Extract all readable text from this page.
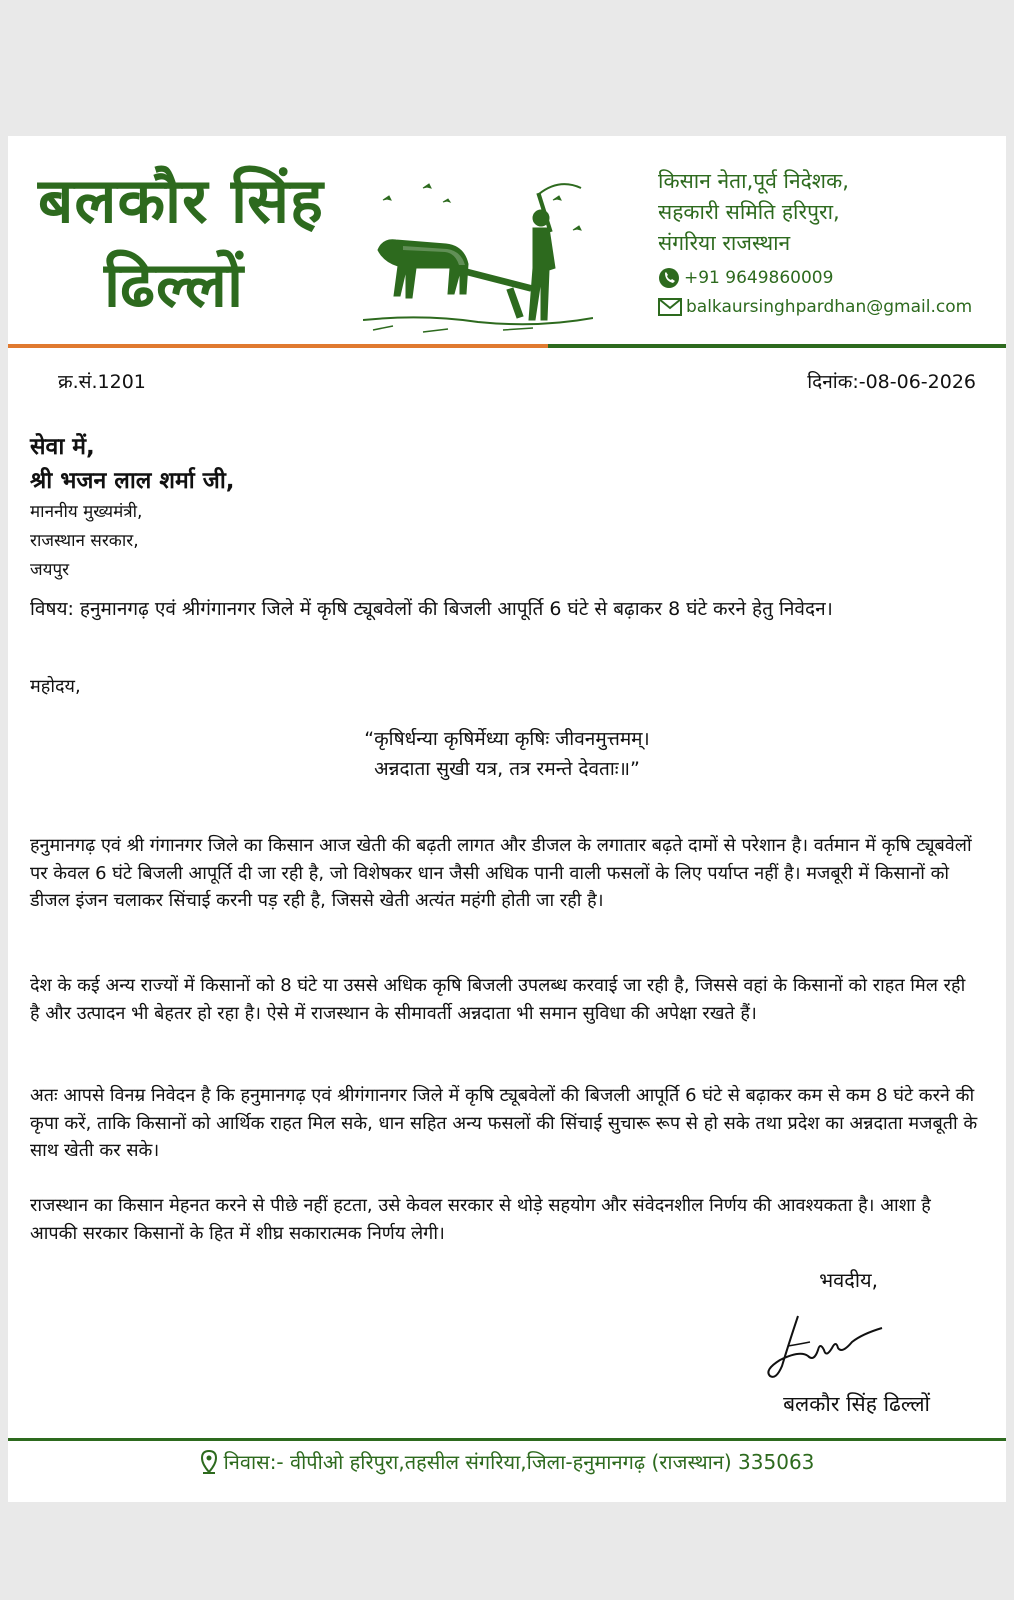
बलकौर सिंह
ढिल्लों
किसान नेता,पूर्व निदेशक,
सहकारी समिति हरिपुरा,
संगरिया राजस्थान
+91 9649860009
balkaursinghpardhan@gmail.com
क्र.सं.1201	दिनांक:-08-06-2026
सेवा में,
श्री भजन लाल शर्मा जी,
माननीय मुख्यमंत्री,
राजस्थान सरकार,
जयपुर
विषय: हनुमानगढ़ एवं श्रीगंगानगर जिले में कृषि ट्यूबवेलों की बिजली आपूर्ति 6 घंटे से बढ़ाकर 8 घंटे करने हेतु निवेदन।
महोदय,
“कृषिर्धन्या कृषिर्मेध्या कृषिः जीवनमुत्तमम्।
अन्नदाता सुखी यत्र, तत्र रमन्ते देवताः॥”
हनुमानगढ़ एवं श्री गंगानगर जिले का किसान आज खेती की बढ़ती लागत और डीजल के लगातार बढ़ते दामों से परेशान है। वर्तमान में कृषि ट्यूबवेलों पर केवल 6 घंटे बिजली आपूर्ति दी जा रही है, जो विशेषकर धान जैसी अधिक पानी वाली फसलों के लिए पर्याप्त नहीं है। मजबूरी में किसानों को डीजल इंजन चलाकर सिंचाई करनी पड़ रही है, जिससे खेती अत्यंत महंगी होती जा रही है।
देश के कई अन्य राज्यों में किसानों को 8 घंटे या उससे अधिक कृषि बिजली उपलब्ध करवाई जा रही है, जिससे वहां के किसानों को राहत मिल रही है और उत्पादन भी बेहतर हो रहा है। ऐसे में राजस्थान के सीमावर्ती अन्नदाता भी समान सुविधा की अपेक्षा रखते हैं।
अतः आपसे विनम्र निवेदन है कि हनुमानगढ़ एवं श्रीगंगानगर जिले में कृषि ट्यूबवेलों की बिजली आपूर्ति 6 घंटे से बढ़ाकर कम से कम 8 घंटे करने की कृपा करें, ताकि किसानों को आर्थिक राहत मिल सके, धान सहित अन्य फसलों की सिंचाई सुचारू रूप से हो सके तथा प्रदेश का अन्नदाता मजबूती के साथ खेती कर सके।
राजस्थान का किसान मेहनत करने से पीछे नहीं हटता, उसे केवल सरकार से थोड़े सहयोग और संवेदनशील निर्णय की आवश्यकता है। आशा है आपकी सरकार किसानों के हित में शीघ्र सकारात्मक निर्णय लेगी।
भवदीय,
बलकौर सिंह ढिल्लों
निवास:- वीपीओ हरिपुरा,तहसील संगरिया,जिला-हनुमानगढ़ (राजस्थान) 335063
